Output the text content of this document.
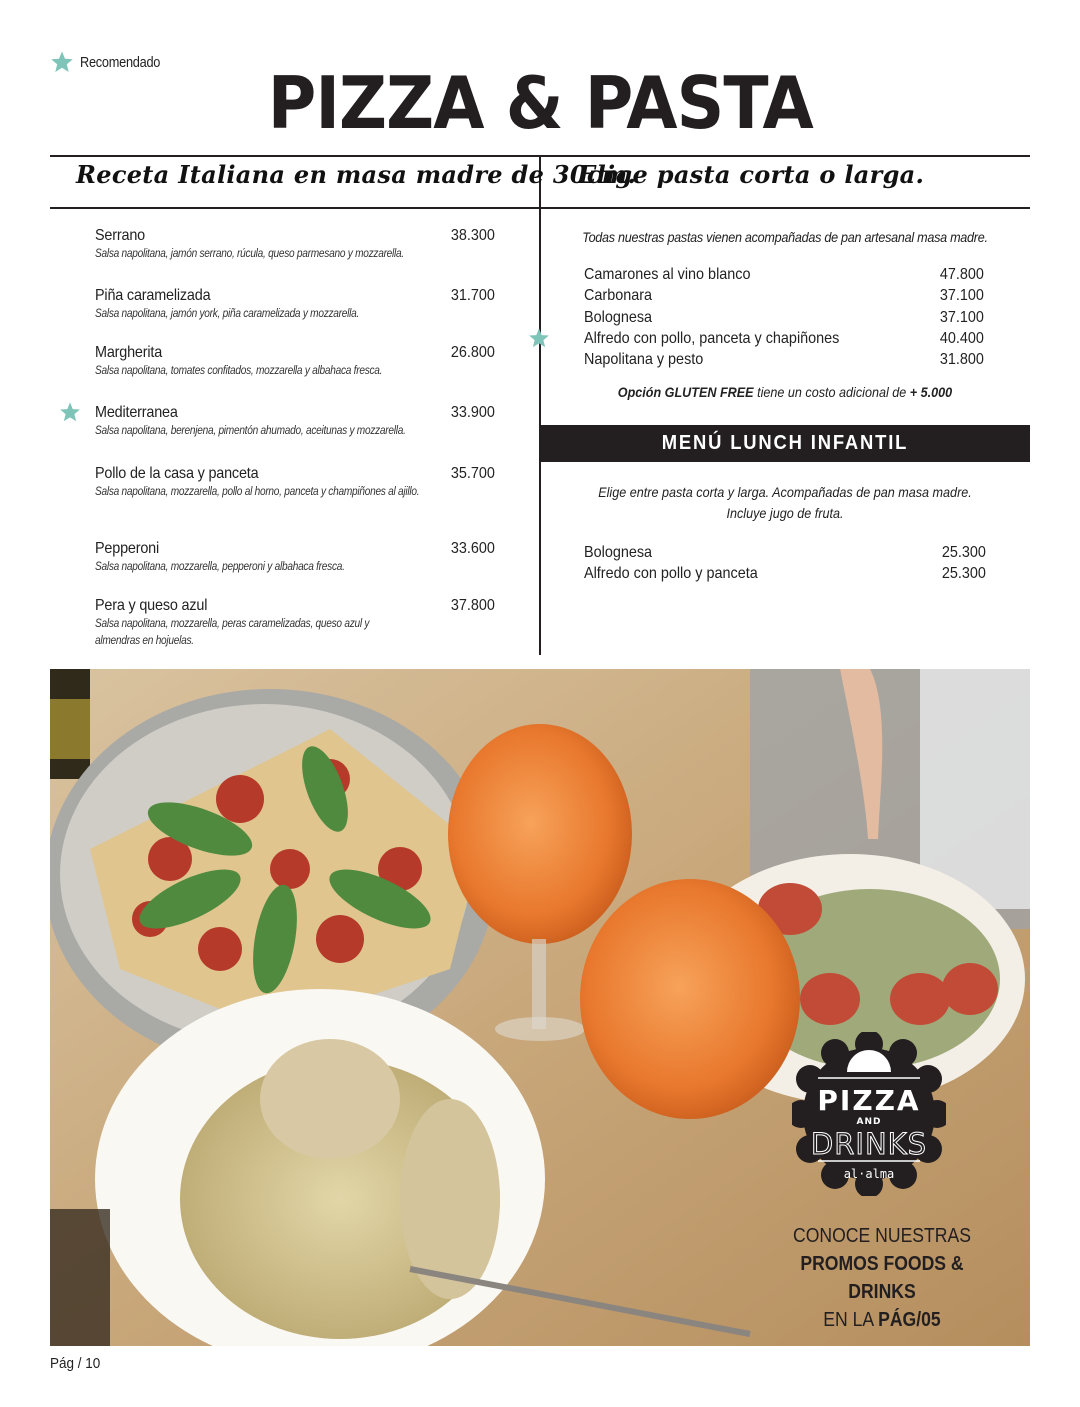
Recomendado	PIZZA & PASTA
Receta Italiana en masa madre de 30cm.
Elige pasta corta o larga.
Serrano	38.300
Salsa napolitana, jamón serrano, rúcula, queso parmesano y mozzarella.
Piña caramelizada	31.700
Salsa napolitana, jamón york, piña caramelizada y mozzarella.
Margherita	26.800
Salsa napolitana, tomates confitados, mozzarella y albahaca fresca.
Mediterranea	33.900
Salsa napolitana, berenjena, pimentón ahumado, aceitunas y mozzarella.
Pollo de la casa y panceta	35.700
Salsa napolitana, mozzarella, pollo al horno, panceta y champiñones al ajillo.
Pepperoni	33.600
Salsa napolitana, mozzarella, pepperoni y albahaca fresca.
Pera y queso azul	37.800
Salsa napolitana, mozzarella, peras caramelizadas, queso azul y almendras en hojuelas.
Todas nuestras pastas vienen acompañadas de pan artesanal masa madre.
Camarones al vino blanco	47.800
Carbonara	37.100
Bolognesa	37.100
Alfredo con pollo, panceta y chapiñones	40.400
Napolitana y pesto	31.800
Opción GLUTEN FREE tiene un costo adicional de + 5.000
MENÚ LUNCH INFANTIL
Elige entre pasta corta y larga. Acompañadas de pan masa madre.
Incluye jugo de fruta.
Bolognesa	25.300
Alfredo con pollo y panceta	25.300
PIZZA
AND
DRINKS
al·alma
CONOCE NUESTRAS
PROMOS FOODS & DRINKS
EN LA PÁG/05
Pág / 10
